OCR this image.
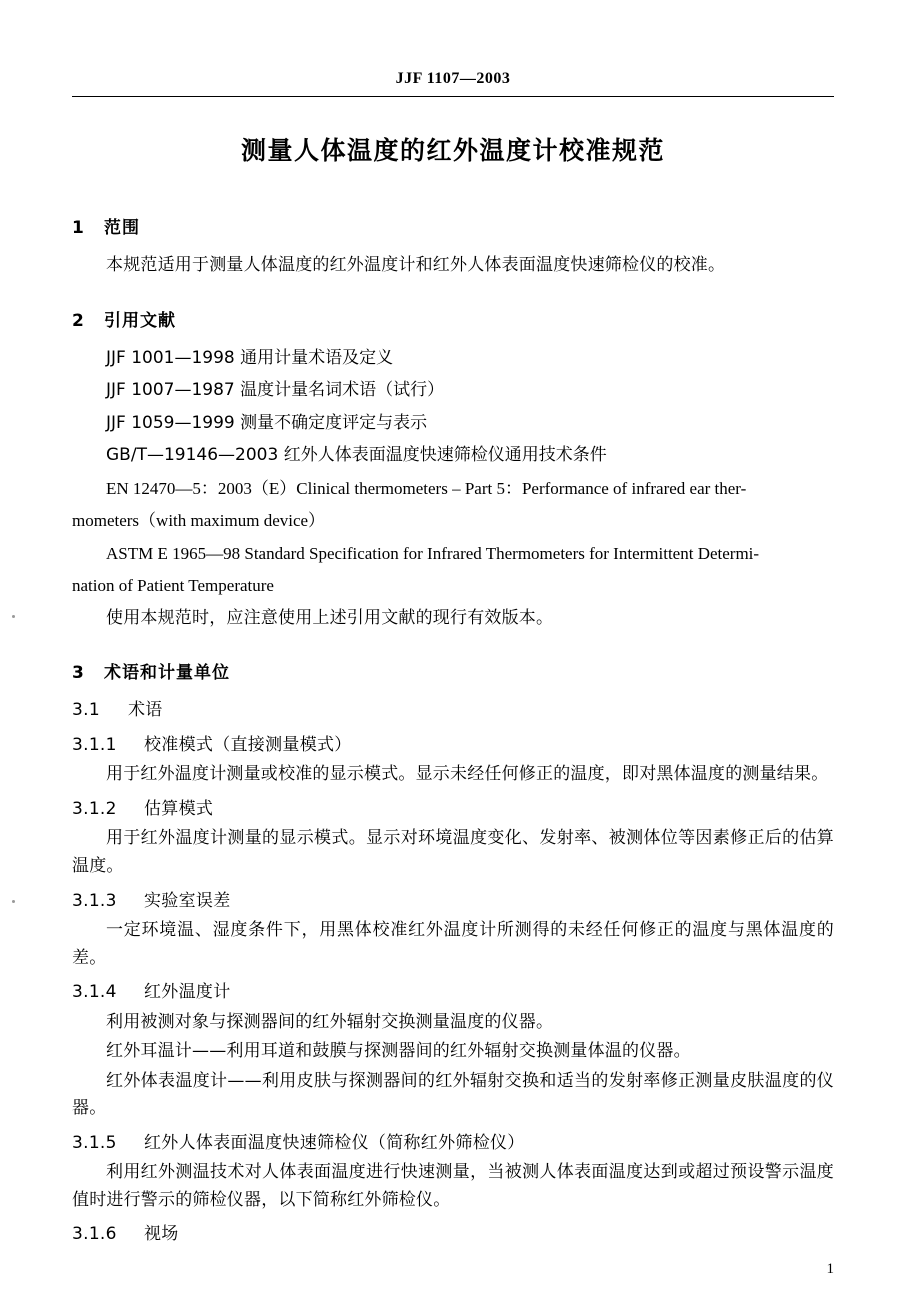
JJF 1107—2003
测量人体温度的红外温度计校准规范
1 范围
本规范适用于测量人体温度的红外温度计和红外人体表面温度快速筛检仪的校准。
2 引用文献
JJF 1001—1998 通用计量术语及定义
JJF 1007—1987 温度计量名词术语（试行）
JJF 1059—1999 测量不确定度评定与表示
GB/T—19146—2003 红外人体表面温度快速筛检仪通用技术条件
EN 12470—5：2003（E）Clinical thermometers – Part 5：Performance of infrared ear ther-
mometers（with maximum device）
ASTM E 1965—98 Standard Specification for Infrared Thermometers for Intermittent Determi-
nation of Patient Temperature
使用本规范时，应注意使用上述引用文献的现行有效版本。
3 术语和计量单位
3.1 术语
3.1.1 校准模式（直接测量模式）
用于红外温度计测量或校准的显示模式。显示未经任何修正的温度，即对黑体温度的测量结果。
3.1.2 估算模式
用于红外温度计测量的显示模式。显示对环境温度变化、发射率、被测体位等因素修正后的估算温度。
3.1.3 实验室误差
一定环境温、湿度条件下，用黑体校准红外温度计所测得的未经任何修正的温度与黑体温度的差。
3.1.4 红外温度计
利用被测对象与探测器间的红外辐射交换测量温度的仪器。
红外耳温计——利用耳道和鼓膜与探测器间的红外辐射交换测量体温的仪器。
红外体表温度计——利用皮肤与探测器间的红外辐射交换和适当的发射率修正测量皮肤温度的仪器。
3.1.5 红外人体表面温度快速筛检仪（简称红外筛检仪）
利用红外测温技术对人体表面温度进行快速测量，当被测人体表面温度达到或超过预设警示温度值时进行警示的筛检仪器，以下简称红外筛检仪。
3.1.6 视场
1
